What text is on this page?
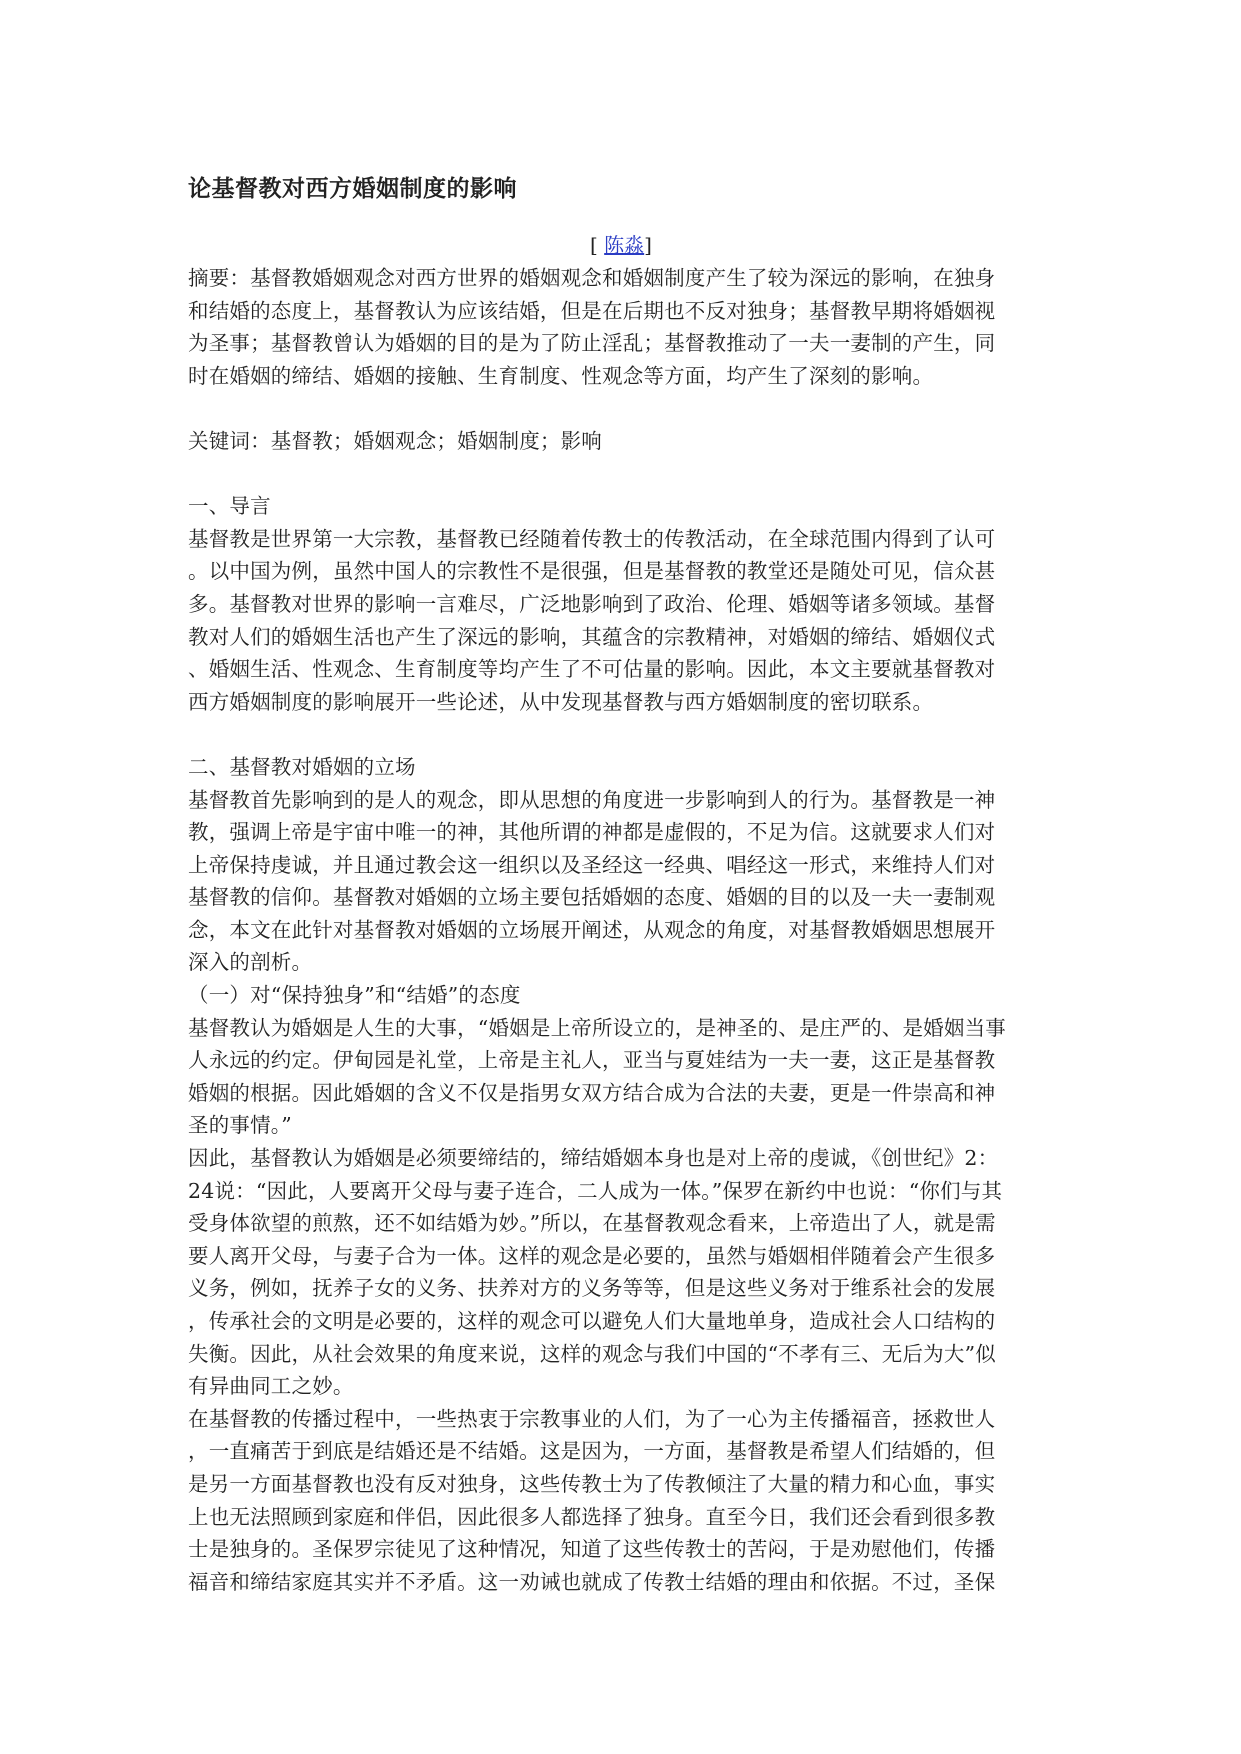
论基督教对西方婚姻制度的影响
[ 陈淼]
摘要：基督教婚姻观念对西方世界的婚姻观念和婚姻制度产生了较为深远的影响，在独身
和结婚的态度上，基督教认为应该结婚，但是在后期也不反对独身；基督教早期将婚姻视
为圣事；基督教曾认为婚姻的目的是为了防止淫乱；基督教推动了一夫一妻制的产生，同
时在婚姻的缔结、婚姻的接触、生育制度、性观念等方面，均产生了深刻的影响。
关键词：基督教；婚姻观念；婚姻制度；影响
一、导言
基督教是世界第一大宗教，基督教已经随着传教士的传教活动，在全球范围内得到了认可
。以中国为例，虽然中国人的宗教性不是很强，但是基督教的教堂还是随处可见，信众甚
多。基督教对世界的影响一言难尽，广泛地影响到了政治、伦理、婚姻等诸多领域。基督
教对人们的婚姻生活也产生了深远的影响，其蕴含的宗教精神，对婚姻的缔结、婚姻仪式
、婚姻生活、性观念、生育制度等均产生了不可估量的影响。因此，本文主要就基督教对
西方婚姻制度的影响展开一些论述，从中发现基督教与西方婚姻制度的密切联系。
二、基督教对婚姻的立场
基督教首先影响到的是人的观念，即从思想的角度进一步影响到人的行为。基督教是一神
教，强调上帝是宇宙中唯一的神，其他所谓的神都是虚假的，不足为信。这就要求人们对
上帝保持虔诚，并且通过教会这一组织以及圣经这一经典、唱经这一形式，来维持人们对
基督教的信仰。基督教对婚姻的立场主要包括婚姻的态度、婚姻的目的以及一夫一妻制观
念，本文在此针对基督教对婚姻的立场展开阐述，从观念的角度，对基督教婚姻思想展开
深入的剖析。
（一）对“保持独身”和“结婚”的态度
基督教认为婚姻是人生的大事，“婚姻是上帝所设立的，是神圣的、是庄严的、是婚姻当事
人永远的约定。伊甸园是礼堂，上帝是主礼人，亚当与夏娃结为一夫一妻，这正是基督教
婚姻的根据。因此婚姻的含义不仅是指男女双方结合成为合法的夫妻，更是一件崇高和神
圣的事情。”
因此，基督教认为婚姻是必须要缔结的，缔结婚姻本身也是对上帝的虔诚，《创世纪》2：
24说：“因此，人要离开父母与妻子连合，二人成为一体。”保罗在新约中也说：“你们与其
受身体欲望的煎熬，还不如结婚为妙。”所以，在基督教观念看来，上帝造出了人，就是需
要人离开父母，与妻子合为一体。这样的观念是必要的，虽然与婚姻相伴随着会产生很多
义务，例如，抚养子女的义务、扶养对方的义务等等，但是这些义务对于维系社会的发展
，传承社会的文明是必要的，这样的观念可以避免人们大量地单身，造成社会人口结构的
失衡。因此，从社会效果的角度来说，这样的观念与我们中国的“不孝有三、无后为大”似
有异曲同工之妙。
在基督教的传播过程中，一些热衷于宗教事业的人们，为了一心为主传播福音，拯救世人
，一直痛苦于到底是结婚还是不结婚。这是因为，一方面，基督教是希望人们结婚的，但
是另一方面基督教也没有反对独身，这些传教士为了传教倾注了大量的精力和心血，事实
上也无法照顾到家庭和伴侣，因此很多人都选择了独身。直至今日，我们还会看到很多教
士是独身的。圣保罗宗徒见了这种情况，知道了这些传教士的苦闷，于是劝慰他们，传播
福音和缔结家庭其实并不矛盾。这一劝诫也就成了传教士结婚的理由和依据。不过，圣保
